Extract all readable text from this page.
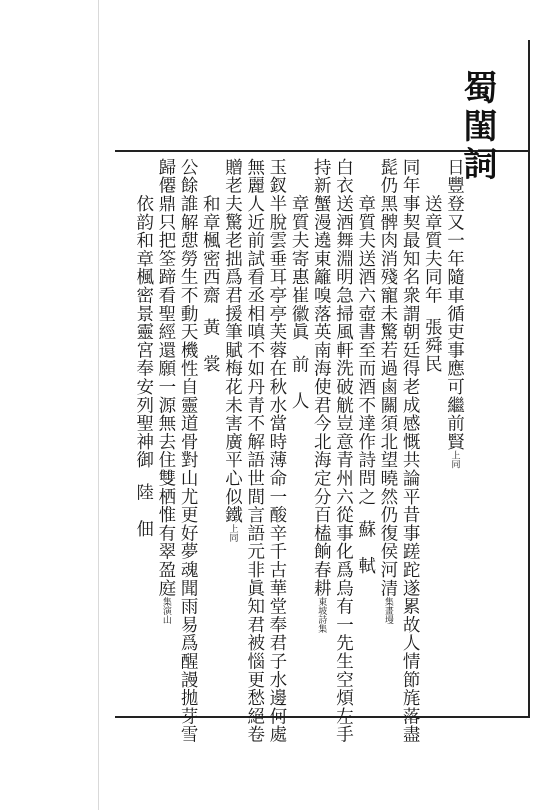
蜀閨詞
日豐登又一年隨車循吏事應可繼前賢上同
　　送章質夫同年張舜民
同年事契最知名衆謂朝廷得老成感慨共論平昔事蹉跎遂累故人情節旄落盡
髭仍黑髀肉消殘寵未驚若過鹵關須北望曉然仍復侯河清集畫墁
　　章質夫送酒六壺書至而酒不達作詩問之蘇　軾
白衣送酒舞淵明急掃風軒洗破觥豈意青州六從事化爲烏有一先生空煩左手
持新蟹漫遶東籬嗅落英南海使君今北海定分百榼餉春耕東坡詩集
　　章質夫寄惠崔徽眞前　人
玉釵半脫雲垂耳亭亭芙蓉在秋水當時薄命一酸辛千古華堂奉君子水邊何處
無麗人近前試看丞相嗔不如丹青不解語世間言語元非眞知君被惱更愁絕卷
贈老夫驚老拙爲君援筆賦梅花未害廣平心似鐵上同
　　和章楓密西齋黃　裳
公餘誰解憇勞生不動天機性自靈道骨對山尤更好夢魂聞雨易爲醒謾拋芽雪
歸僊鼎只把筌蹄看聖經還願一源無去住雙栖惟有翠盈庭集演山
　　依韵和章楓密景靈宮奉安列聖神御陸　佃
